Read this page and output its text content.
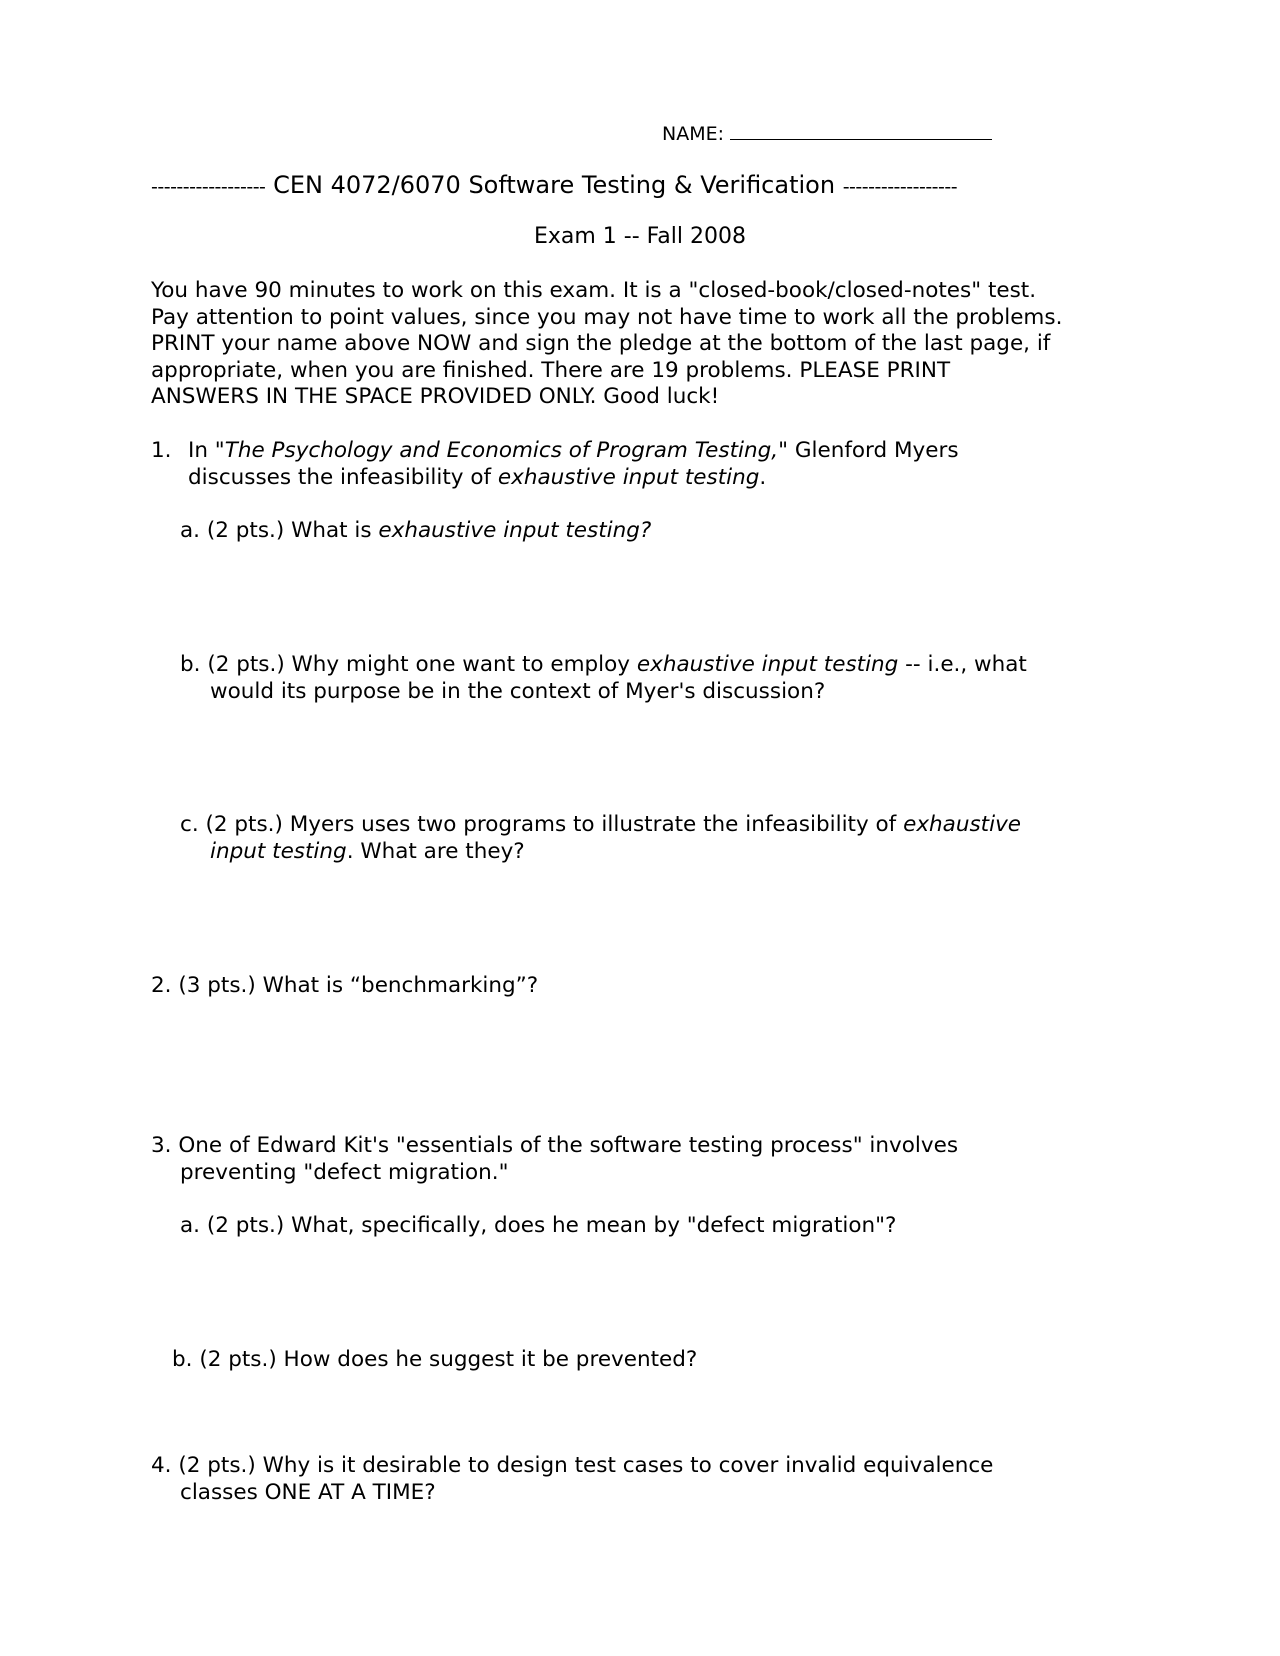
NAME:
------------------ CEN 4072/6070 Software Testing & Verification ------------------
Exam 1 -- Fall 2008
You have 90 minutes to work on this exam. It is a "closed-book/closed-notes" test.
Pay attention to point values, since you may not have time to work all the problems.
PRINT your name above NOW and sign the pledge at the bottom of the last page, if
appropriate, when you are finished. There are 19 problems. PLEASE PRINT
ANSWERS IN THE SPACE PROVIDED ONLY. Good luck!
1. In "The Psychology and Economics of Program Testing," Glenford Myers
discusses the infeasibility of exhaustive input testing.
a. (2 pts.) What is exhaustive input testing?
b. (2 pts.) Why might one want to employ exhaustive input testing -- i.e., what
would its purpose be in the context of Myer's discussion?
c. (2 pts.) Myers uses two programs to illustrate the infeasibility of exhaustive
input testing. What are they?
2. (3 pts.) What is “benchmarking”?
3. One of Edward Kit's "essentials of the software testing process" involves
preventing "defect migration."
a. (2 pts.) What, specifically, does he mean by "defect migration"?
b. (2 pts.) How does he suggest it be prevented?
4. (2 pts.) Why is it desirable to design test cases to cover invalid equivalence
classes ONE AT A TIME?
